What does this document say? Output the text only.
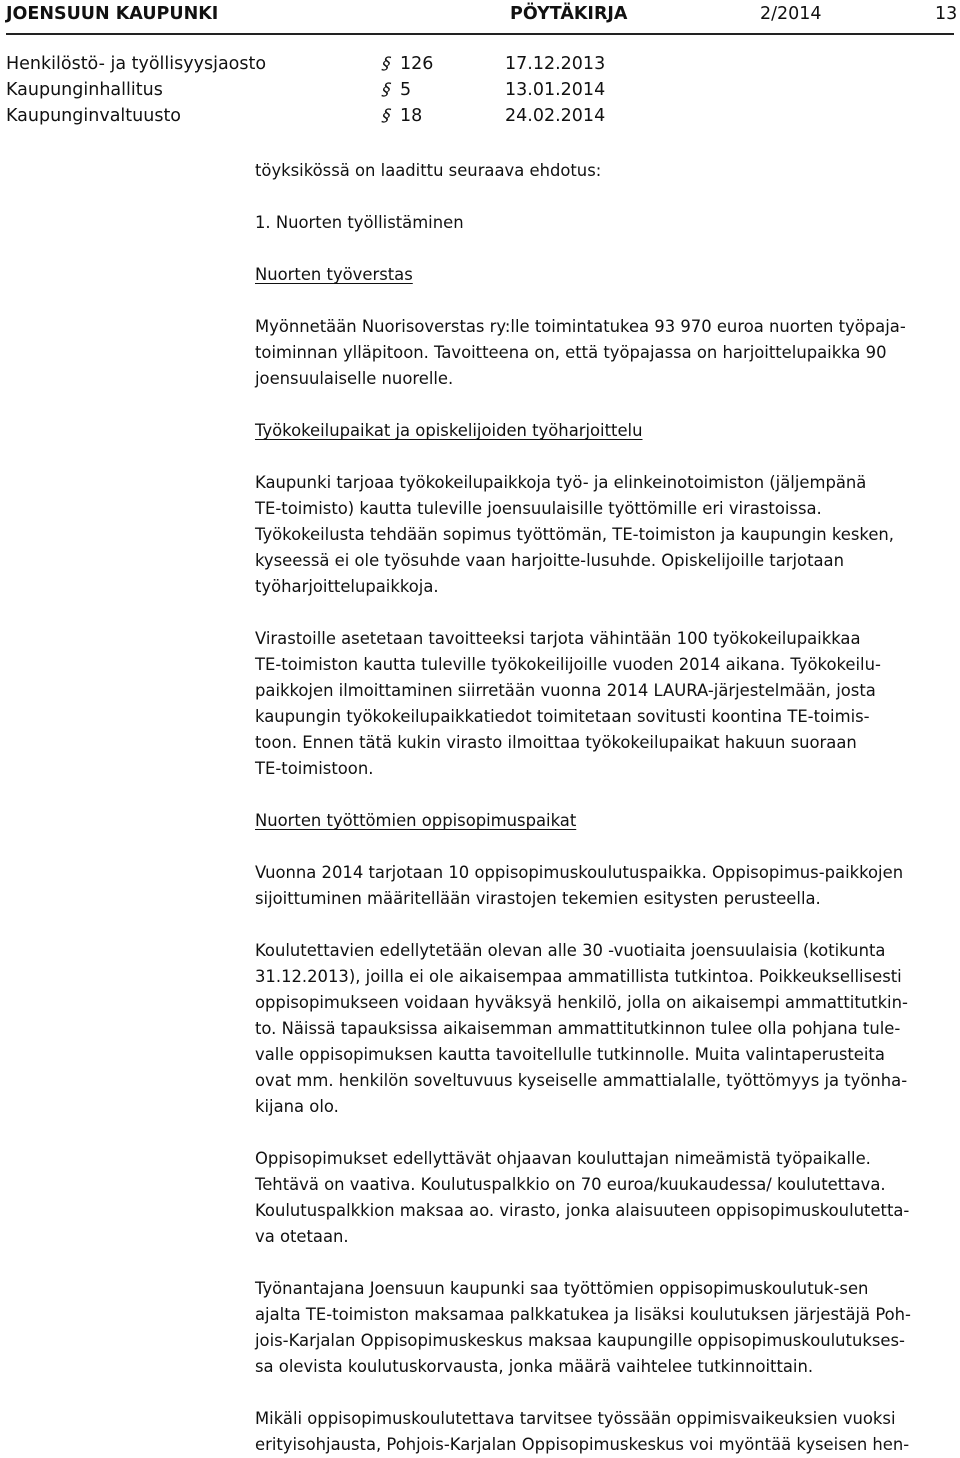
JOENSUUN KAUPUNKI	PÖYTÄKIRJA	2/2014	13
Henkilöstö- ja työllisyysjaosto	§ 126	17.12.2013
Kaupunginhallitus	§ 5	13.01.2014
Kaupunginvaltuusto	§ 18	24.02.2014

töyksikössä on laadittu seuraava ehdotus:

1. Nuorten työllistäminen

Nuorten työverstas

Myönnetään Nuorisoverstas ry:lle toimintatukea 93 970 euroa nuorten työpaja-

toiminnan ylläpitoon. Tavoitteena on, että työpajassa on harjoittelupaikka 90

joensuulaiselle nuorelle.

Työkokeilupaikat ja opiskelijoiden työharjoittelu

Kaupunki tarjoaa työkokeilupaikkoja työ- ja elinkeinotoimiston (jäljempänä

TE-toimisto) kautta tuleville joensuulaisille työttömille eri virastoissa.

Työkokeilusta tehdään sopimus työttömän, TE-toimiston ja kaupungin kesken,

kyseessä ei ole työsuhde vaan harjoitte-lusuhde. Opiskelijoille tarjotaan

työharjoittelupaikkoja.

Virastoille asetetaan tavoitteeksi tarjota vähintään 100 työkokeilupaikkaa

TE-toimiston kautta tuleville työkokeilijoille vuoden 2014 aikana. Työkokeilu-

paikkojen ilmoittaminen siirretään vuonna 2014 LAURA-järjestelmään, josta

kaupungin työkokeilupaikkatiedot toimitetaan sovitusti koontina TE-toimis-

toon. Ennen tätä kukin virasto ilmoittaa työkokeilupaikat hakuun suoraan

TE-toimistoon.

Nuorten työttömien oppisopimuspaikat

Vuonna 2014 tarjotaan 10 oppisopimuskoulutuspaikka. Oppisopimus-paikkojen

sijoittuminen määritellään virastojen tekemien esitysten perusteella.

Koulutettavien edellytetään olevan alle 30 -vuotiaita joensuulaisia (kotikunta

31.12.2013), joilla ei ole aikaisempaa ammatillista tutkintoa. Poikkeuksellisesti

oppisopimukseen voidaan hyväksyä henkilö, jolla on aikaisempi ammattitutkin-

to. Näissä tapauksissa aikaisemman ammattitutkinnon tulee olla pohjana tule-

valle oppisopimuksen kautta tavoitellulle tutkinnolle. Muita valintaperusteita

ovat mm. henkilön soveltuvuus kyseiselle ammattialalle, työttömyys ja työnha-

kijana olo.

Oppisopimukset edellyttävät ohjaavan kouluttajan nimeämistä työpaikalle.

Tehtävä on vaativa. Koulutuspalkkio on 70 euroa/kuukaudessa/ koulutettava.

Koulutuspalkkion maksaa ao. virasto, jonka alaisuuteen oppisopimuskoulutetta-

va otetaan.

Työnantajana Joensuun kaupunki saa työttömien oppisopimuskoulutuk-sen

ajalta TE-toimiston maksamaa palkkatukea ja lisäksi koulutuksen järjestäjä Poh-

jois-Karjalan Oppisopimuskeskus maksaa kaupungille oppisopimuskoulutukses-

sa olevista koulutuskorvausta, jonka määrä vaihtelee tutkinnoittain.

Mikäli oppisopimuskoulutettava tarvitsee työssään oppimisvaikeuksien vuoksi

erityisohjausta, Pohjois-Karjalan Oppisopimuskeskus voi myöntää kyseisen hen-
